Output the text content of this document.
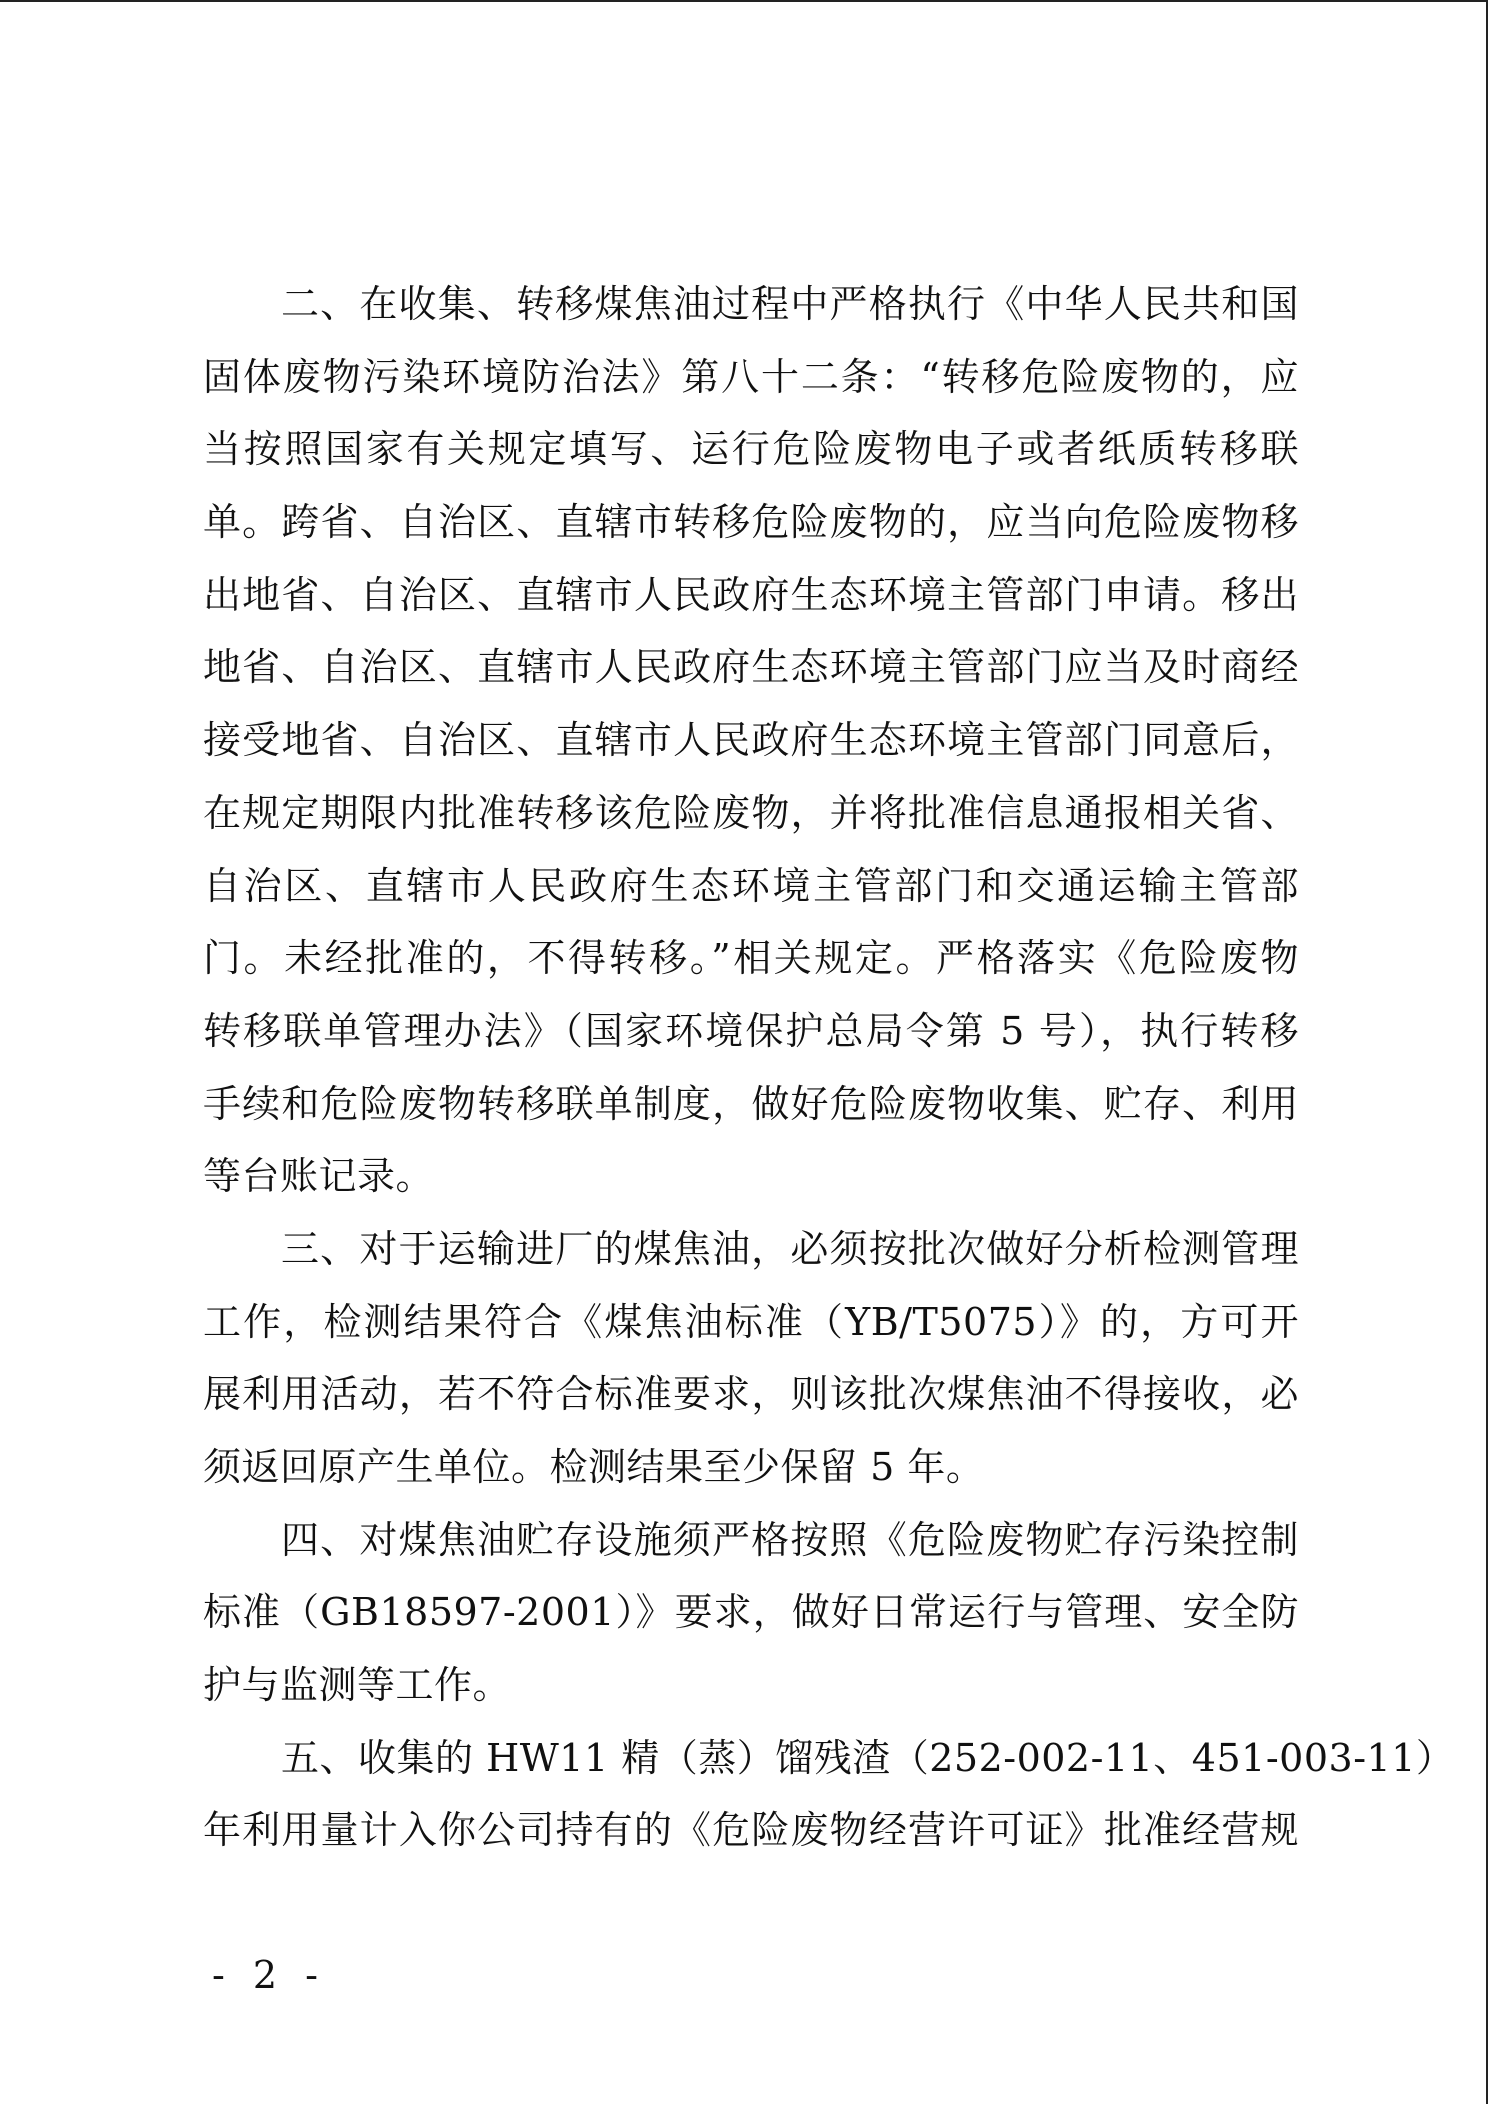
二、在收集、转移煤焦油过程中严格执行《中华人民共和国
固体废物污染环境防治法》第八十二条：“转移危险废物的，应
当按照国家有关规定填写、运行危险废物电子或者纸质转移联
单。跨省、自治区、直辖市转移危险废物的，应当向危险废物移
出地省、自治区、直辖市人民政府生态环境主管部门申请。移出
地省、自治区、直辖市人民政府生态环境主管部门应当及时商经
接受地省、自治区、直辖市人民政府生态环境主管部门同意后，
在规定期限内批准转移该危险废物，并将批准信息通报相关省、
自治区、直辖市人民政府生态环境主管部门和交通运输主管部
门。未经批准的，不得转移。”相关规定。严格落实《危险废物
转移联单管理办法》（国家环境保护总局令第 5 号），执行转移
手续和危险废物转移联单制度，做好危险废物收集、贮存、利用
等台账记录。
三、对于运输进厂的煤焦油，必须按批次做好分析检测管理
工作，检测结果符合《煤焦油标准（YB/T5075）》的，方可开
展利用活动，若不符合标准要求，则该批次煤焦油不得接收，必
须返回原产生单位。检测结果至少保留 5 年。
四、对煤焦油贮存设施须严格按照《危险废物贮存污染控制
标准（GB18597-2001）》要求，做好日常运行与管理、安全防
护与监测等工作。
五、收集的 HW11 精（蒸）馏残渣（252-002-11、451-003-11）
年利用量计入你公司持有的《危险废物经营许可证》批准经营规
- 2 -
